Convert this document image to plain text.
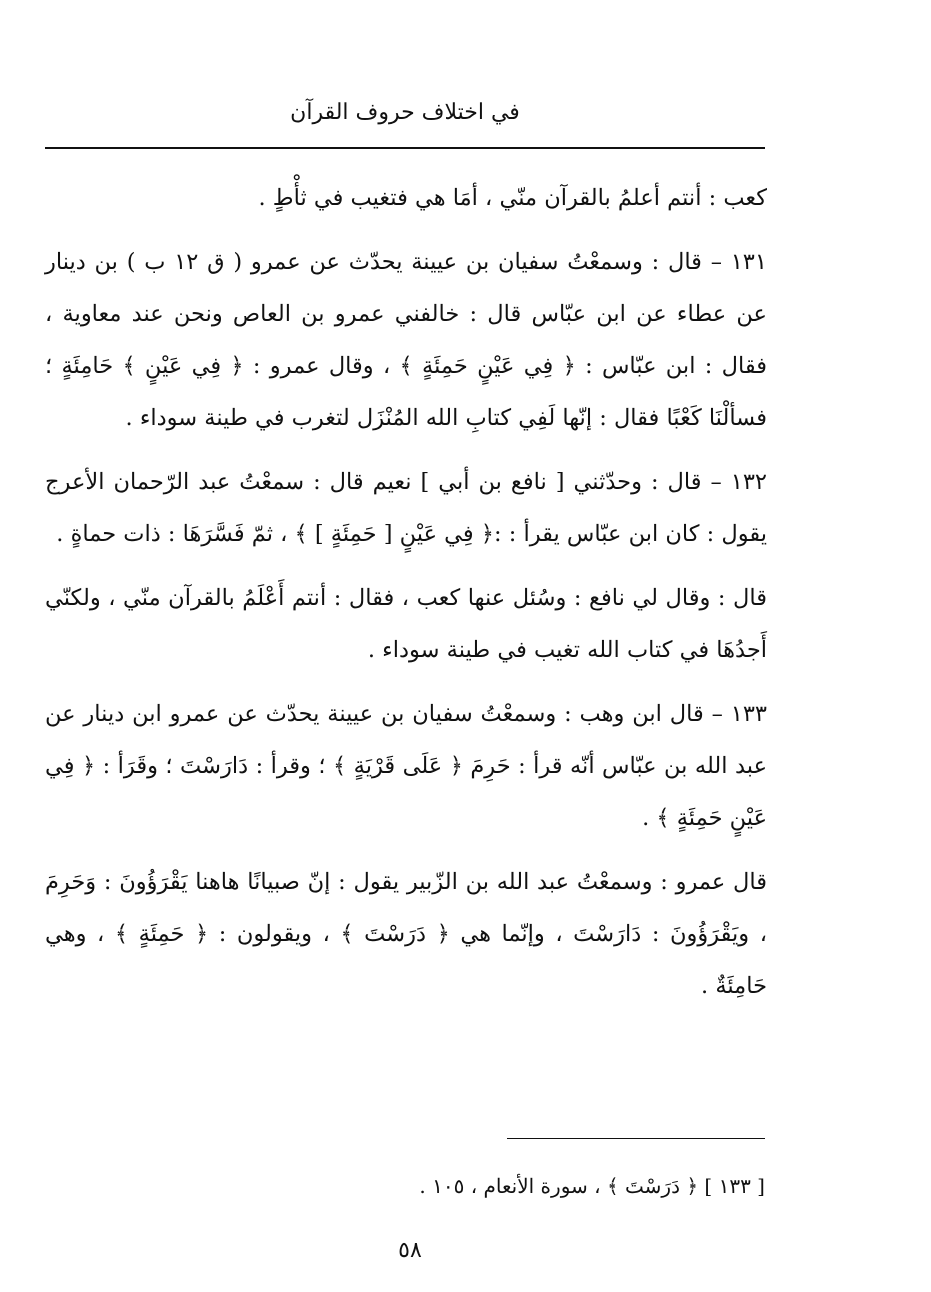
في اختلاف حروف القرآن

كعب : أنتم أعلمُ بالقرآن منّي ، أمَا هي فتغيب في ثأْطٍ .

١٣١ – قال : وسمعْتُ سفيان بن عيينة يحدّث عن عمرو ( ق ١٢ ب ) بن دينار عن عطاء عن ابن عبّاس قال : خالفني عمرو بن العاص ونحن عند معاوية ، فقال : ابن عبّاس : ﴿ فِي عَيْنٍ حَمِئَةٍ ﴾ ، وقال عمرو : ﴿ فِي عَيْنٍ ﴾ حَامِئَةٍ ؛ فسألْنَا كَعْبًا فقال : إنّها لَفِي كتابِ الله المُنْزَل لتغرب في طينة سوداء .

١٣٢ – قال : وحدّثني [ نافع بن أبي ] نعيم قال : سمعْتُ عبد الرّحمان الأعرج يقول : كان ابن عبّاس يقرأ : :﴿ فِي عَيْنٍ [ حَمِئَةٍ ] ﴾ ، ثمّ فَسَّرَهَا : ذات حماةٍ .

قال : وقال لي نافع : وسُئل عنها كعب ، فقال : أنتم أَعْلَمُ بالقرآن منّي ، ولكنّي أَجدُهَا في كتاب الله تغيب في طينة سوداء .

١٣٣ – قال ابن وهب : وسمعْتُ سفيان بن عيينة يحدّث عن عمرو ابن دينار عن عبد الله بن عبّاس أنّه قرأ : حَرِمَ ﴿ عَلَى قَرْيَةٍ ﴾ ؛ وقرأ : دَارَسْتَ ؛ وقَرَأ : ﴿ فِي عَيْنٍ حَمِئَةٍ ﴾ .

قال عمرو : وسمعْتُ عبد الله بن الزّبير يقول : إنّ صبيانًا هاهنا يَقْرَؤُونَ : وَحَرِمَ ، ويَقْرَؤُونَ : دَارَسْتَ ، وإنّما هي ﴿ دَرَسْتَ ﴾ ، ويقولون : ﴿ حَمِئَةٍ ﴾ ، وهي حَامِئَةٌ .

[ ١٣٣ ] ﴿ دَرَسْتَ ﴾ ، سورة الأنعام ، ١٠٥ .
٥٨
